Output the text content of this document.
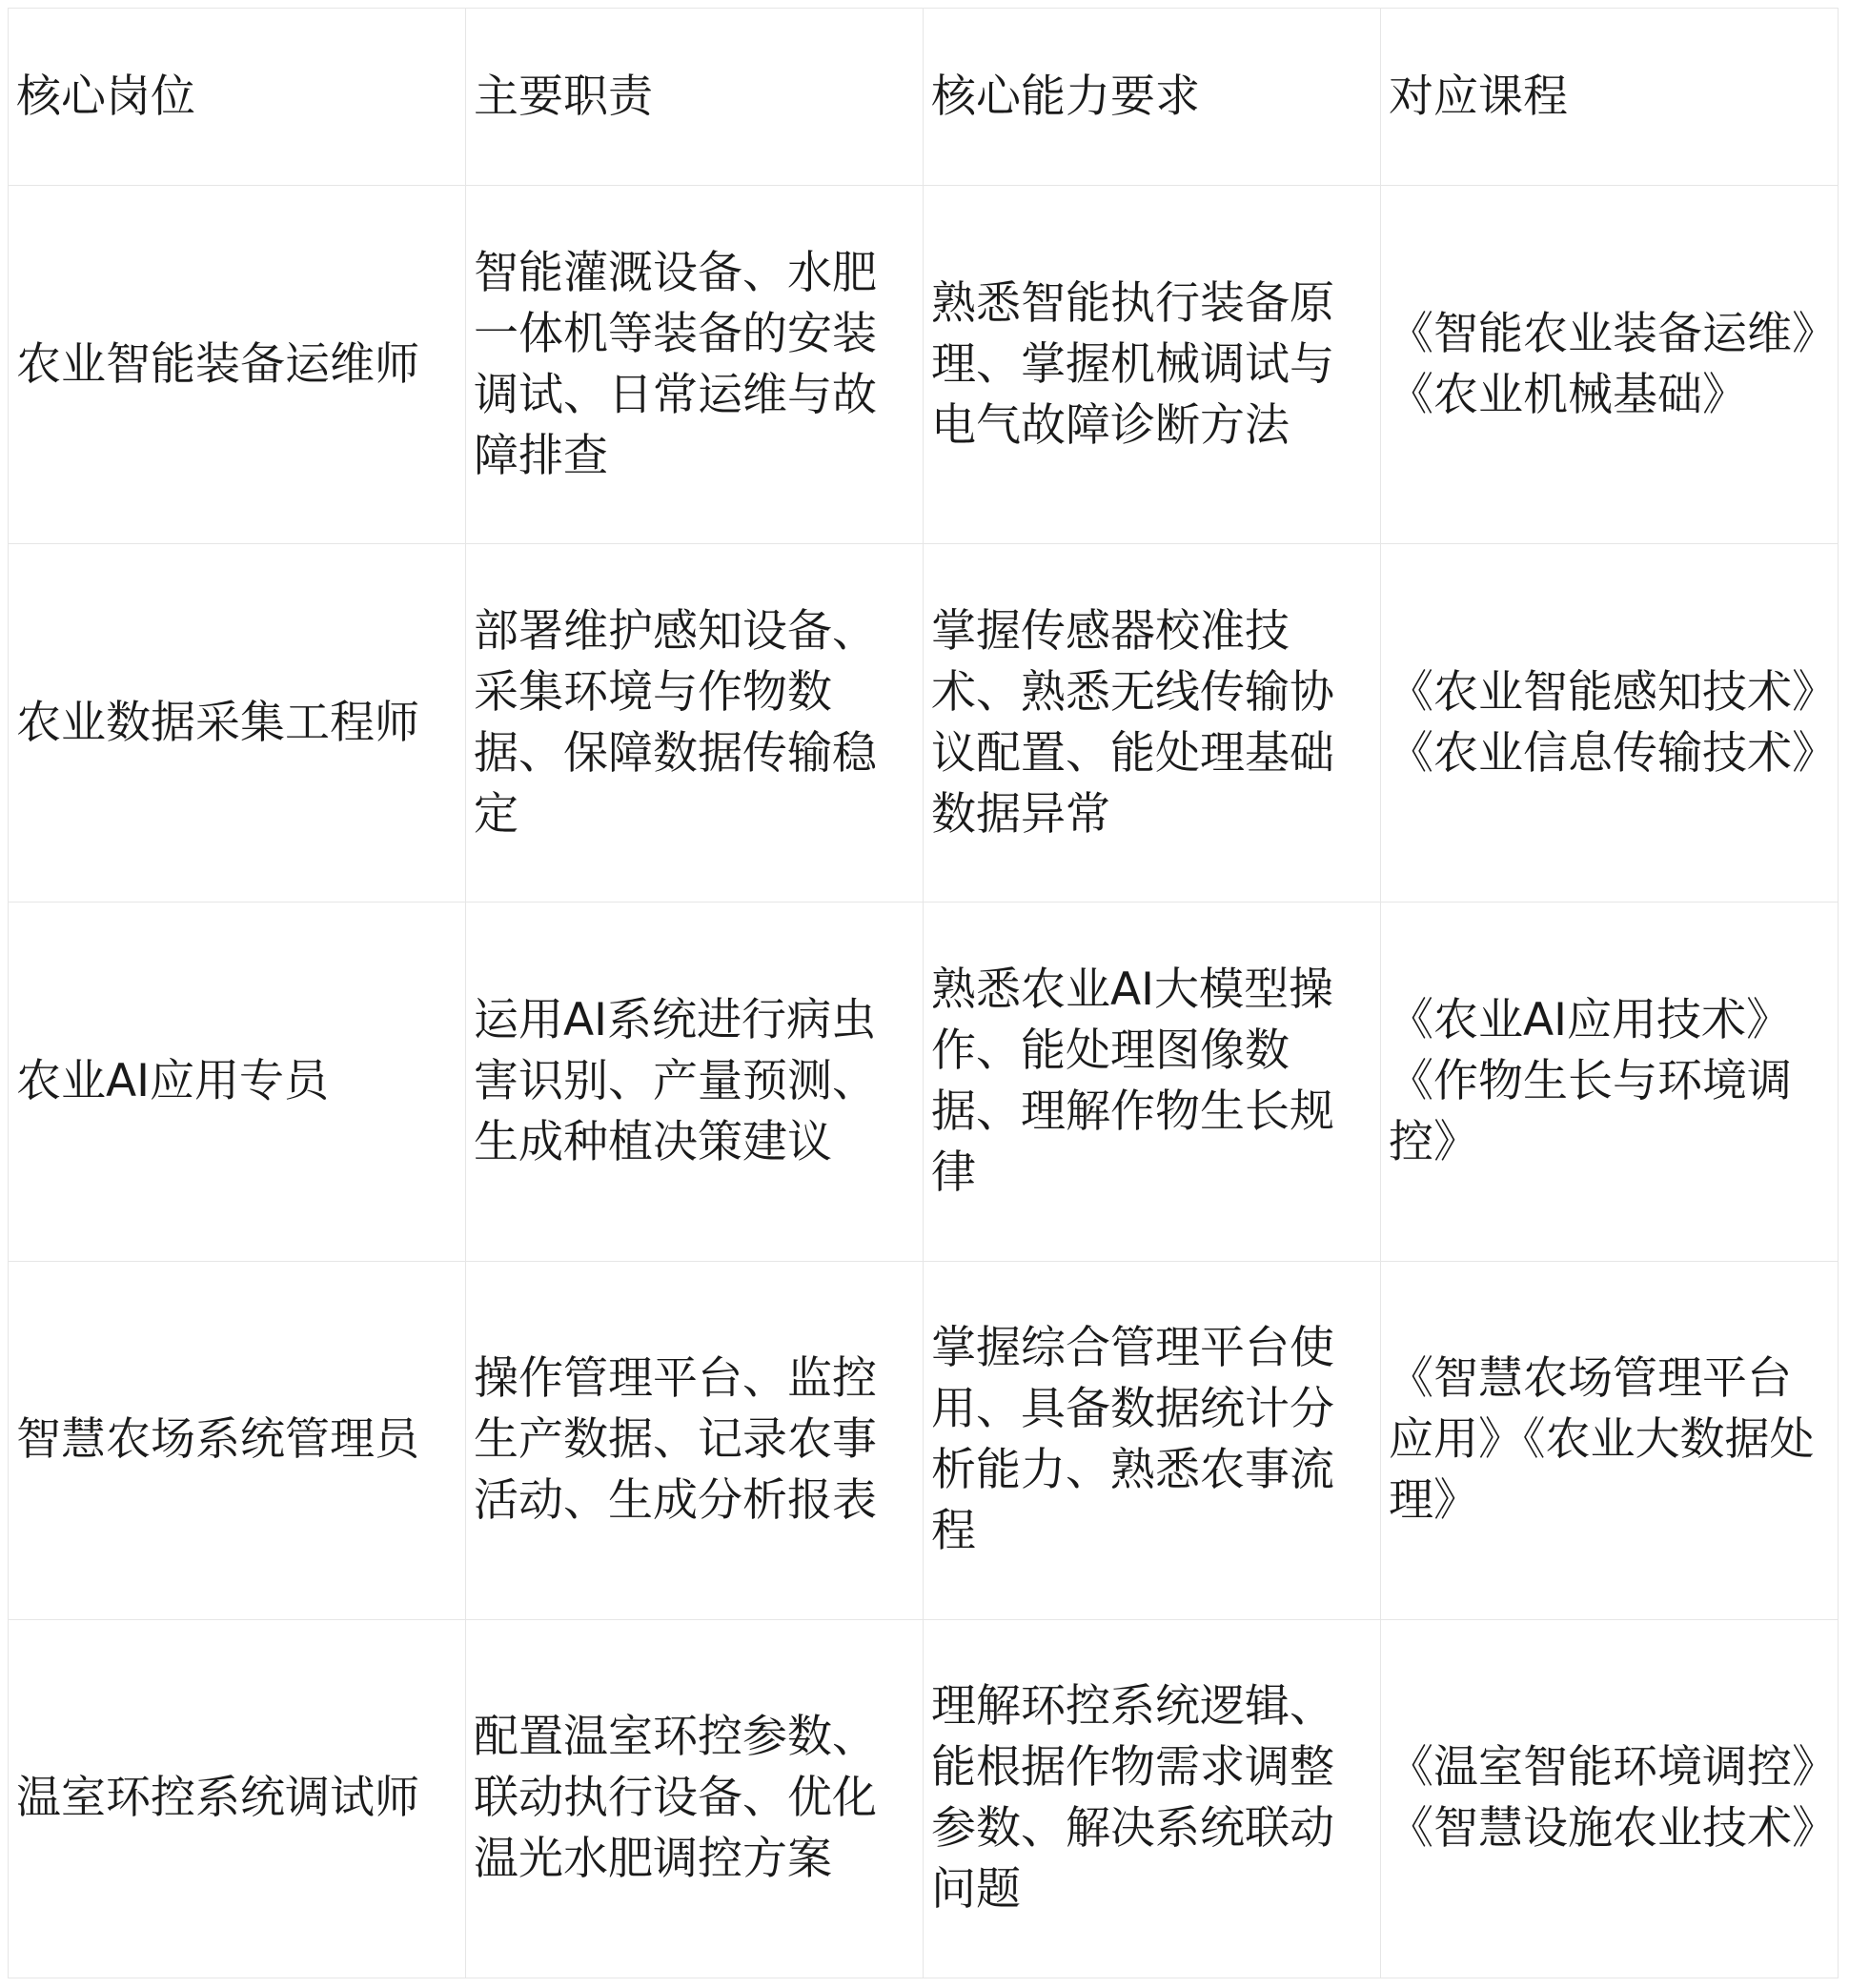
核心岗位	主要职责	核心能力要求	对应课程
农业智能装备运维师	智能灌溉设备、水肥一体机等装备的安装调试、日常运维与故障排查	熟悉智能执行装备原理、掌握机械调试与电气故障诊断方法	《智能农业装备运维》《农业机械基础》
农业数据采集工程师	部署维护感知设备、采集环境与作物数据、保障数据传输稳定	掌握传感器校准技术、熟悉无线传输协议配置、能处理基础数据异常	《农业智能感知技术》《农业信息传输技术》
农业AI应用专员	运用AI系统进行病虫害识别、产量预测、生成种植决策建议	熟悉农业AI大模型操作、能处理图像数据、理解作物生长规律	《农业AI应用技术》《作物生长与环境调控》
智慧农场系统管理员	操作管理平台、监控生产数据、记录农事活动、生成分析报表	掌握综合管理平台使用、具备数据统计分析能力、熟悉农事流程	《智慧农场管理平台应用》《农业大数据处理》
温室环控系统调试师	配置温室环控参数、联动执行设备、优化温光水肥调控方案	理解环控系统逻辑、能根据作物需求调整参数、解决系统联动问题	《温室智能环境调控》《智慧设施农业技术》
